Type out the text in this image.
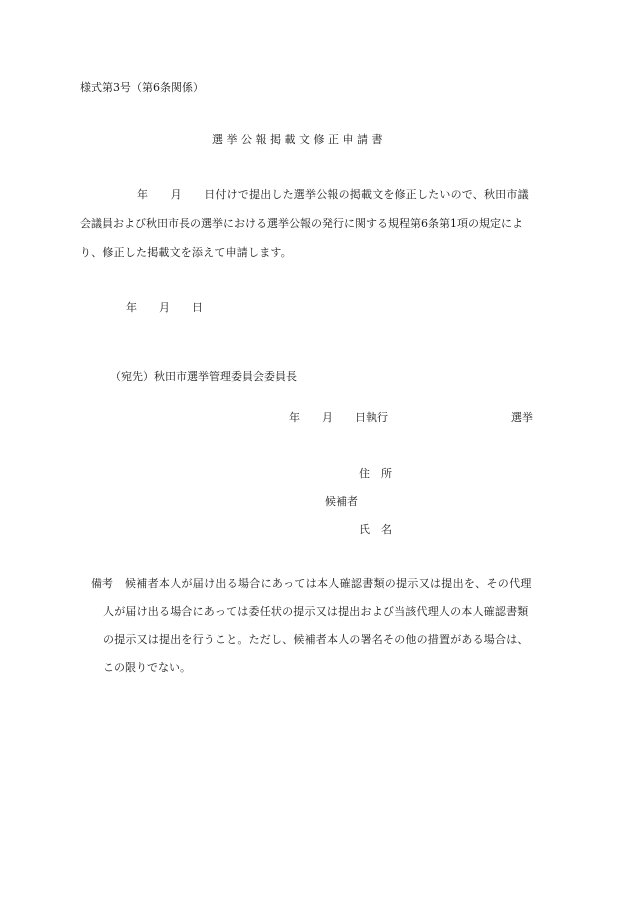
様式第3号（第6条関係）
選挙公報掲載文修正申請書
年　　月　　日付けで提出した選挙公報の掲載文を修正したいので、秋田市議
会議員および秋田市長の選挙における選挙公報の発行に関する規程第6条第1項の規定によ
り、修正した掲載文を添えて申請します。
年　　月　　日

（宛先）秋田市選挙管理委員会委員長

年　　月　　日執行	選挙
住　所
候補者
氏　名
備考 候補者本人が届け出る場合にあっては本人確認書類の提示又は提出を、その代理
人が届け出る場合にあっては委任状の提示又は提出および当該代理人の本人確認書類
の提示又は提出を行うこと。ただし、候補者本人の署名その他の措置がある場合は、
この限りでない。
